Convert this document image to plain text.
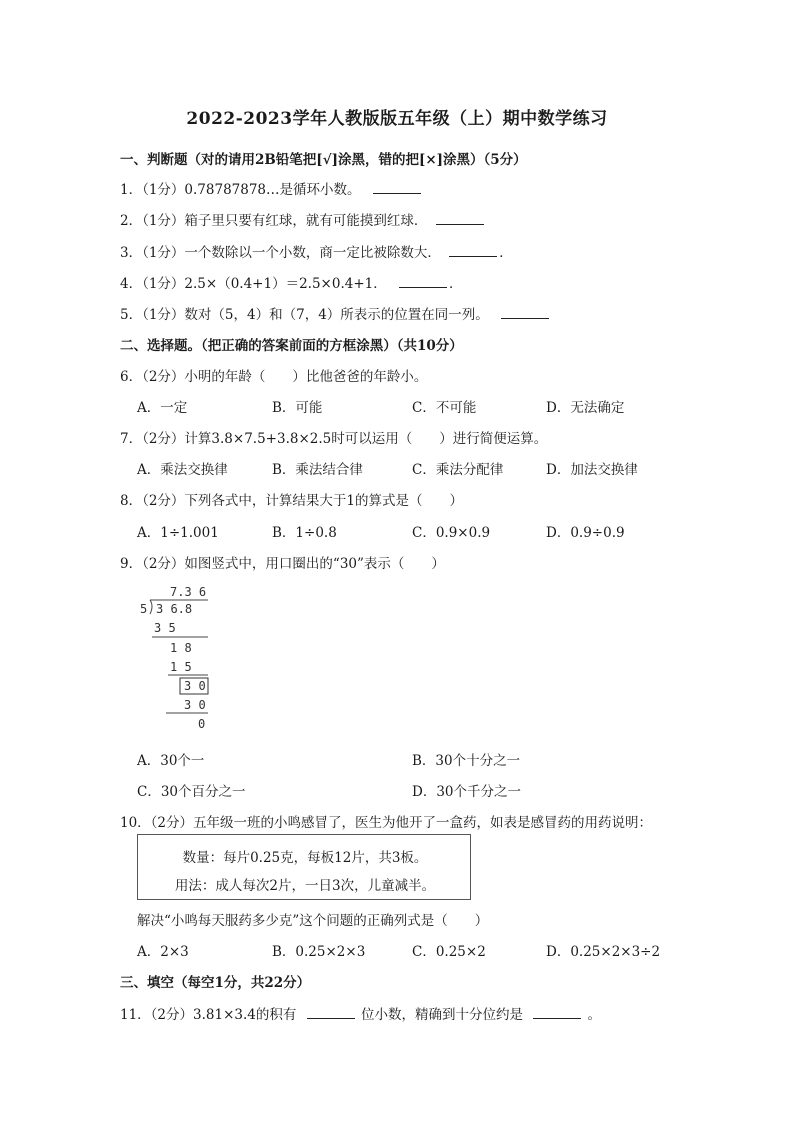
2022-2023学年人教版版五年级（上）期中数学练习
一、判断题（对的请用2B铅笔把[√]涂黑，错的把[×]涂黑）（5分）
1．（1分）0.78787878…是循环小数。
2．（1分）箱子里只要有红球，就有可能摸到红球．
3．（1分）一个数除以一个小数，商一定比被除数大．	．
4．（1分）2.5×（0.4+1）＝2.5×0.4+1．	．
5．（1分）数对（5，4）和（7，4）所表示的位置在同一列。
二、选择题。（把正确的答案前面的方框涂黑）（共10分）
6．（2分）小明的年龄（　　）比他爸爸的年龄小。
A．一定	B．可能	C．不可能	D．无法确定
7．（2分）计算3.8×7.5+3.8×2.5时可以运用（　　）进行简便运算。
A．乘法交换律	B．乘法结合律	C．乘法分配律	D．加法交换律
8．（2分）下列各式中，计算结果大于1的算式是（　　）
A．1÷1.001	B．1÷0.8	C．0.9×0.9	D．0.9÷0.9
9．（2分）如图竖式中，用口圈出的“30”表示（　　）
7.3 6
5 3 6.8
3 5
1 8
1 5
3 0
3 0
0
A．30个一	B．30个十分之一
C．30个百分之一	D．30个千分之一
10．（2分）五年级一班的小鸣感冒了，医生为他开了一盒药，如表是感冒药的用药说明：
数量：每片0.25克，每板12片，共3板。
用法：成人每次2片，一日3次，儿童减半。
解决“小鸣每天服药多少克”这个问题的正确列式是（　　）
A．2×3	B．0.25×2×3	C．0.25×2	D．0.25×2×3÷2
三、填空（每空1分，共22分）
11．（2分）3.81×3.4的积有	位小数，精确到十分位约是	。
